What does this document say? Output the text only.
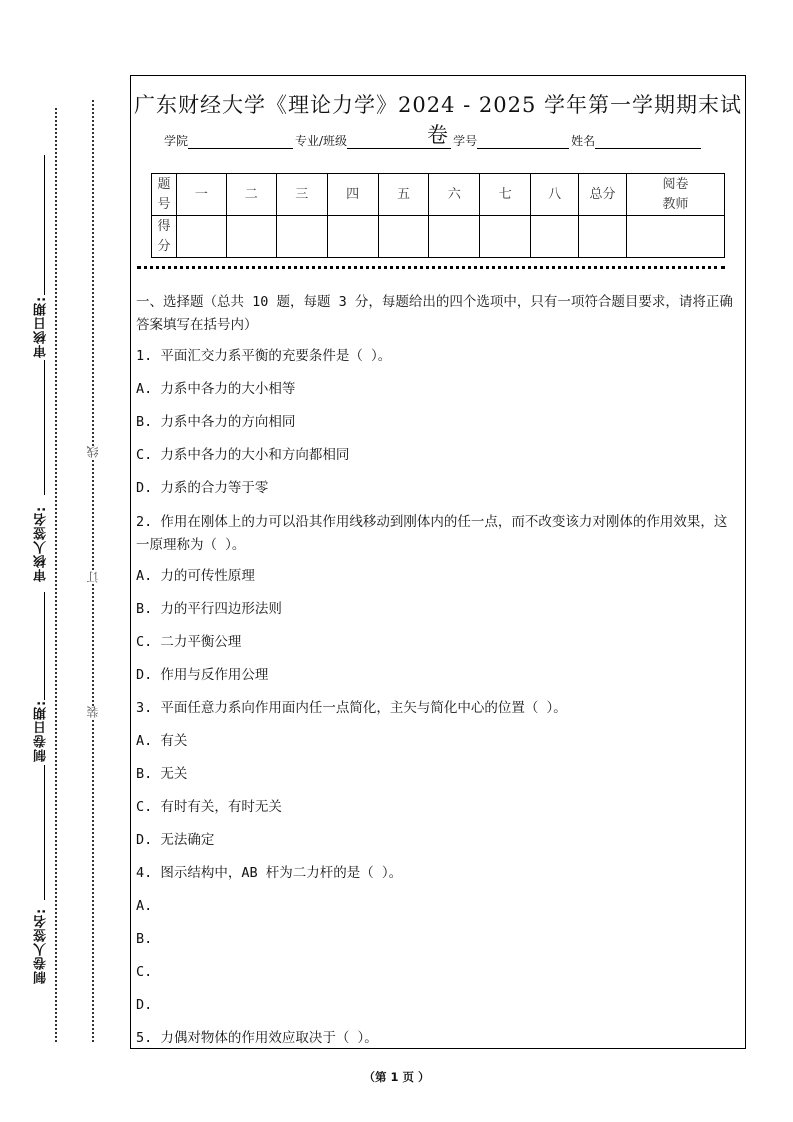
审核日期:
审核人签名:
制卷日期:
制卷人签名:
线
订
装
广东财经大学《理论力学》2024 - 2025 学年第一学期期末试卷
学院	专业/班级	学号	姓名
题号	一	二	三	四	五	六	七	八	总分	阅卷教师
得分										
一、选择题（总共 10 题，每题 3 分，每题给出的四个选项中，只有一项符合题目要求，请将正确答案填写在括号内）
1. 平面汇交力系平衡的充要条件是（ ）。
A. 力系中各力的大小相等
B. 力系中各力的方向相同
C. 力系中各力的大小和方向都相同
D. 力系的合力等于零
2. 作用在刚体上的力可以沿其作用线移动到刚体内的任一点，而不改变该力对刚体的作用效果，这一原理称为（ ）。
A. 力的可传性原理
B. 力的平行四边形法则
C. 二力平衡公理
D. 作用与反作用公理
3. 平面任意力系向作用面内任一点简化，主矢与简化中心的位置（ ）。
A. 有关
B. 无关
C. 有时有关，有时无关
D. 无法确定
4. 图示结构中，AB 杆为二力杆的是（ ）。
A.
B.
C.
D.
5. 力偶对物体的作用效应取决于（ ）。
（第 1 页 ）
